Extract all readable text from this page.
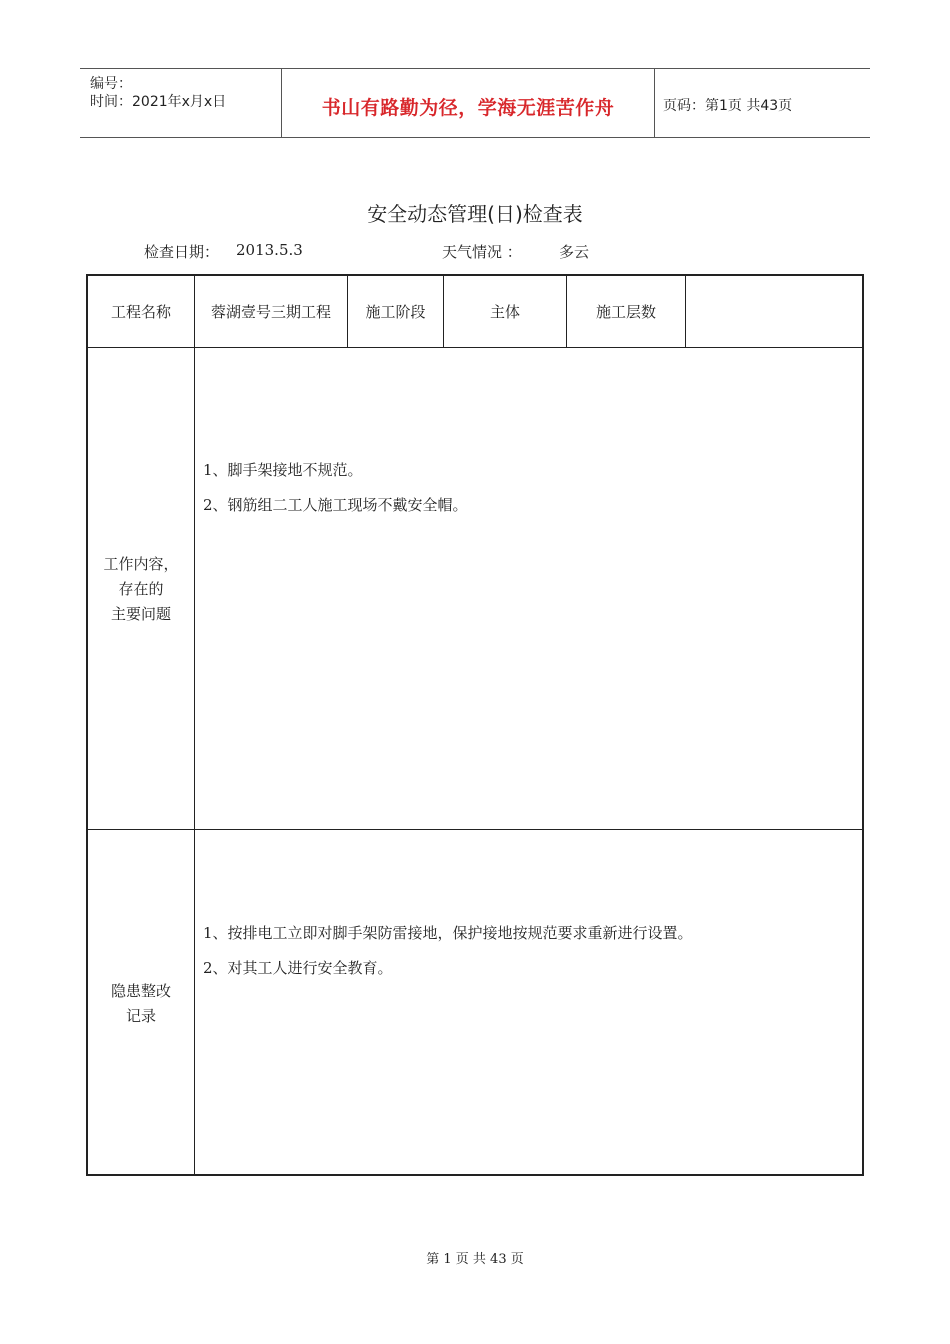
编号：
时间：2021年x月x日	书山有路勤为径，学海无涯苦作舟	页码：第1页 共43页
安全动态管理(日)检查表
检查日期： 2013.5.3	天气情况 ： 多云
工程名称	蓉湖壹号三期工程	施工阶段	主体	施工层数
工作内容，
存在的
主要问题
1、脚手架接地不规范。
2、钢筋组二工人施工现场不戴安全帽。
隐患整改
记录
1、按排电工立即对脚手架防雷接地，保护接地按规范要求重新进行设置。
2、对其工人进行安全教育。
第 1 页 共 43 页
